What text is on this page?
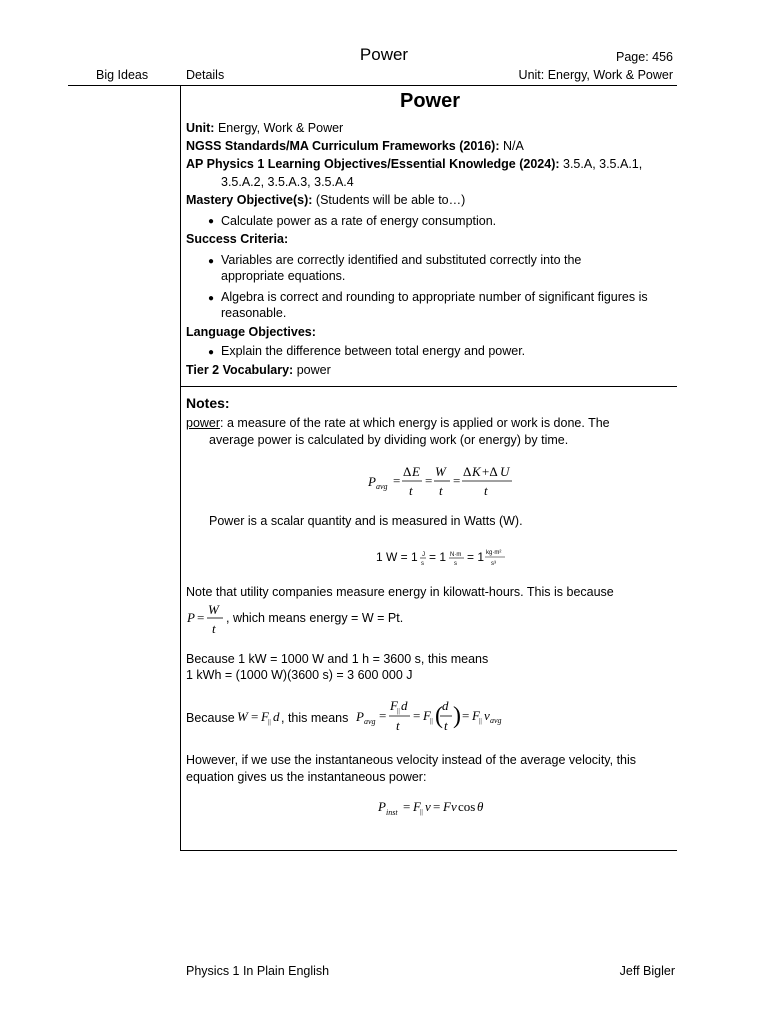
Power	Page: 456
Big Ideas	Details	Unit: Energy, Work & Power
Power
Unit: Energy, Work & Power
NGSS Standards/MA Curriculum Frameworks (2016): N/A
AP Physics 1 Learning Objectives/Essential Knowledge (2024): 3.5.A, 3.5.A.1,
3.5.A.2, 3.5.A.3, 3.5.A.4
Mastery Objective(s): (Students will be able to…)
● Calculate power as a rate of energy consumption.
Success Criteria:
● Variables are correctly identified and substituted correctly into the
appropriate equations.
● Algebra is correct and rounding to appropriate number of significant figures is
reasonable.
Language Objectives:
● Explain the difference between total energy and power.
Tier 2 Vocabulary: power
Notes:
power: a measure of the rate at which energy is applied or work is done. The
average power is calculated by dividing work (or energy) by time.
P avg =
Δ E
t
=
W
t
=
Δ K +Δ U
t
Power is a scalar quantity and is measured in Watts (W).
1 W = 1 J
s = 1 N·m
s = 1 kg·m²
s³
Note that utility companies measure energy in kilowatt-hours. This is because
P =
W
t
, which means energy = W = Pt.
Because 1 kW = 1000 W and 1 h = 3600 s, this means
1 kWh = (1000 W)(3600 s) = 3 600 000 J
Because W = F || d , this means P avg =
F || d
t
= F || ( d
t ) = F || v avg
However, if we use the instantaneous velocity instead of the average velocity, this
equation gives us the instantaneous power:
P inst = F || v = Fv cos θ
Physics 1 In Plain English	Jeff Bigler
